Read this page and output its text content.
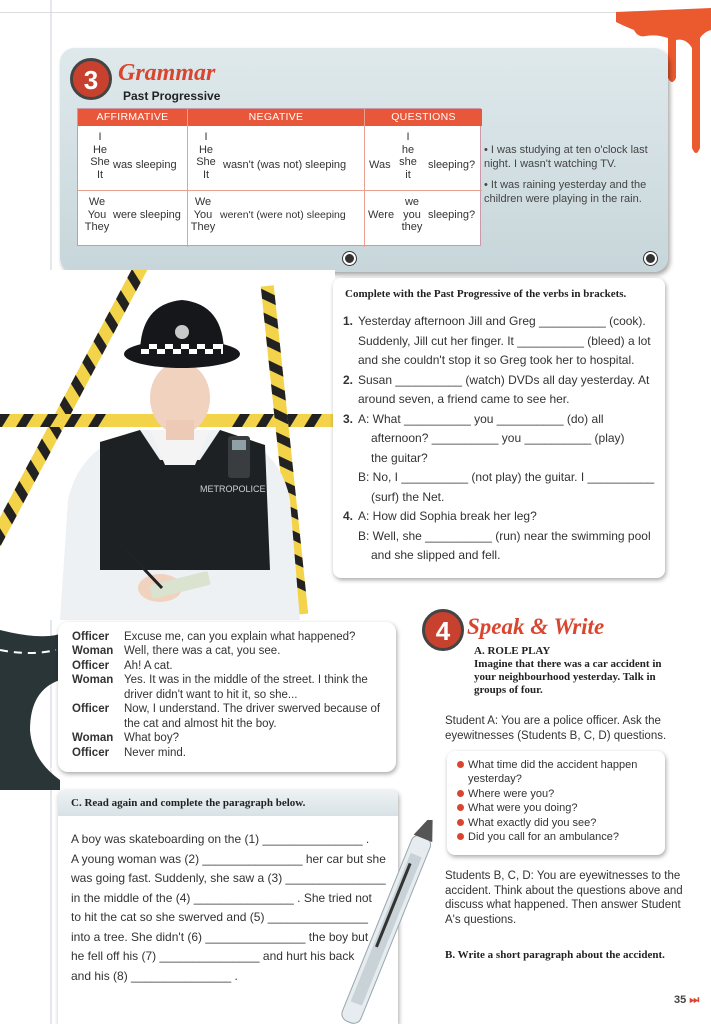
3 Grammar
Past Progressive
AFFIRMATIVE	NEGATIVE	QUESTIONS
I
He
She
It
was sleeping
We
You
They
were sleeping
I
He
She
It
wasn't (was not) sleeping
We
You
They
weren't (were not) sleeping
Was
I
he
she
it
sleeping?
Were
we
you
they
sleeping?

• I was studying at ten o'clock last night. I wasn't watching TV.

• It was raining yesterday and the children were playing in the rain.

METROPOLICE
Complete with the Past Progressive of the verbs in brackets.
1. Yesterday afternoon Jill and Greg __________ (cook).
Suddenly, Jill cut her finger. It __________ (bleed) a lot
and she couldn't stop it so Greg took her to hospital.
2. Susan __________ (watch) DVDs all day yesterday. At
around seven, a friend came to see her.
3. A: What __________ you __________ (do) all
afternoon? __________ you __________ (play)
the guitar?
B: No, I __________ (not play) the guitar. I __________
(surf) the Net.
4. A: How did Sophia break her leg?
B: Well, she __________ (run) near the swimming pool
and she slipped and fell.
Officer Excuse me, can you explain what happened?
Woman Well, there was a cat, you see.
Officer Ah! A cat.
Woman Yes. It was in the middle of the street. I think the driver didn't want to hit it, so she...
Officer Now, I understand. The driver swerved because of the cat and almost hit the boy.
Woman What boy?
Officer Never mind.
C. Read again and complete the paragraph below.
A boy was skateboarding on the (1) _______________ .
A young woman was (2) _______________ her car but she
was going fast. Suddenly, she saw a (3) _______________
in the middle of the (4) _______________ . She tried not
to hit the cat so she swerved and (5) _______________
into a tree. She didn't (6) _______________ the boy but
he fell off his (7) _______________ and hurt his back
and his (8) _______________ .
4 Speak & Write
A. ROLE PLAY
Imagine that there was a car accident in your neighbourhood yesterday. Talk in groups of four.
Student A: You are a police officer. Ask the eyewitnesses (Students B, C, D) questions.
What time did the accident happen yesterday?
Where were you?
What were you doing?
What exactly did you see?
Did you call for an ambulance?
Students B, C, D: You are eyewitnesses to the accident. Think about the questions above and discuss what happened. Then answer Student A's questions.
B. Write a short paragraph about the accident.
35 ⏭
